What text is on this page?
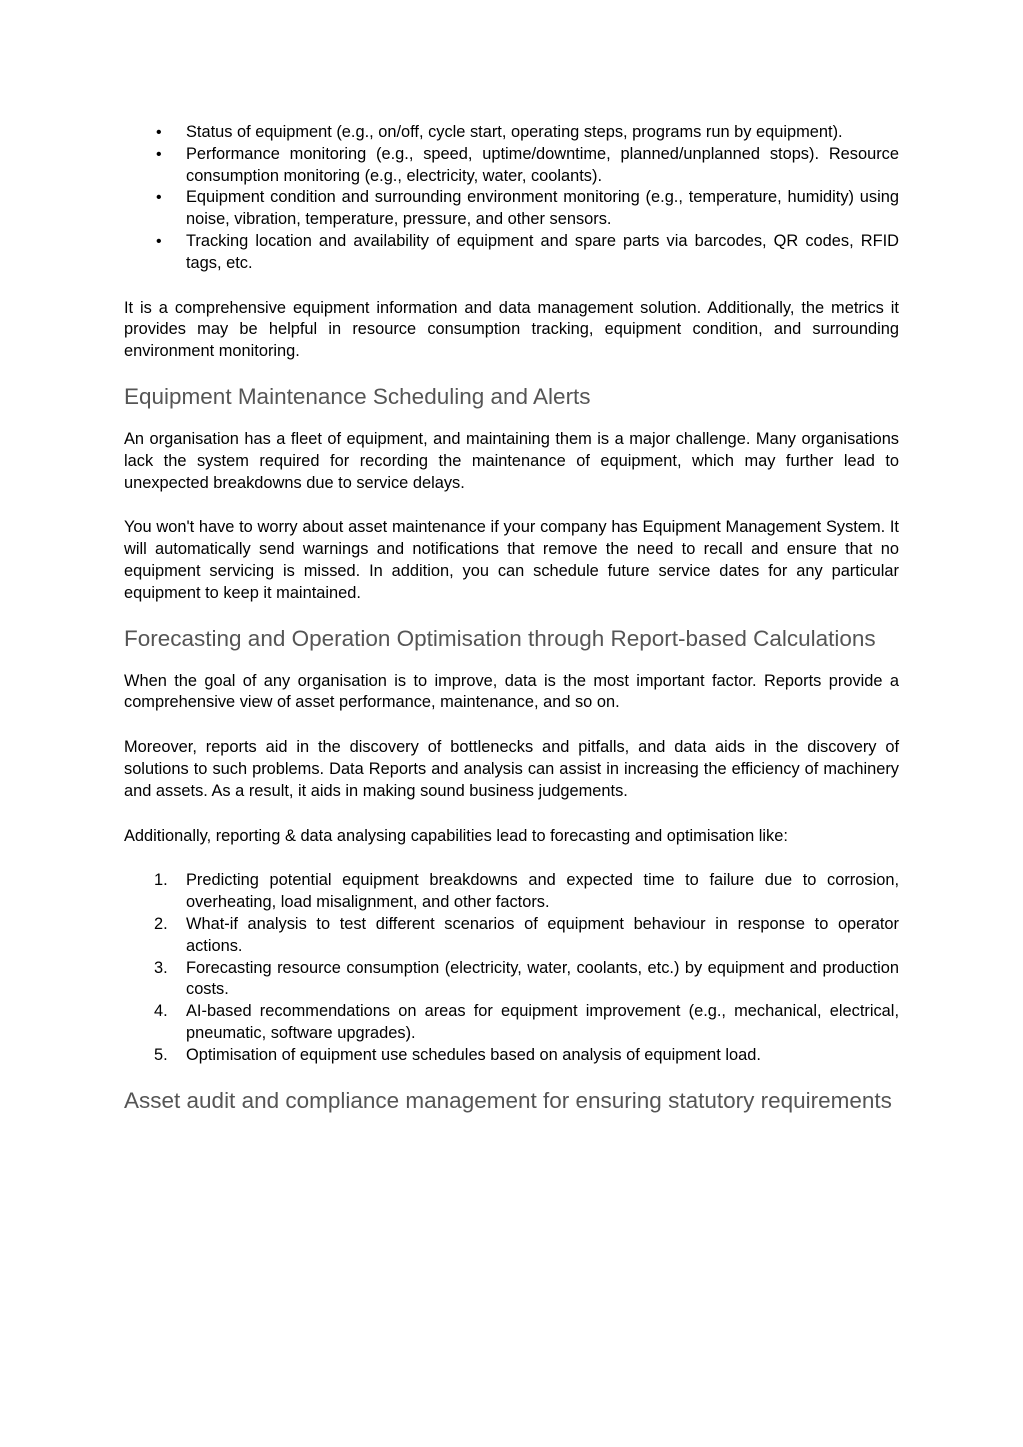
• Status of equipment (e.g., on/off, cycle start, operating steps, programs run by equipment).
• Performance monitoring (e.g., speed, uptime/downtime, planned/unplanned stops). Resource consumption monitoring (e.g., electricity, water, coolants).
• Equipment condition and surrounding environment monitoring (e.g., temperature, humidity) using noise, vibration, temperature, pressure, and other sensors.
• Tracking location and availability of equipment and spare parts via barcodes, QR codes, RFID tags, etc.

It is a comprehensive equipment information and data management solution. Additionally, the metrics it provides may be helpful in resource consumption tracking, equipment condition, and surrounding environment monitoring.

Equipment Maintenance Scheduling and Alerts

An organisation has a fleet of equipment, and maintaining them is a major challenge. Many organisations lack the system required for recording the maintenance of equipment, which may further lead to unexpected breakdowns due to service delays.

You won't have to worry about asset maintenance if your company has Equipment Management System. It will automatically send warnings and notifications that remove the need to recall and ensure that no equipment servicing is missed. In addition, you can schedule future service dates for any particular equipment to keep it maintained.

Forecasting and Operation Optimisation through Report-based Calculations

When the goal of any organisation is to improve, data is the most important factor. Reports provide a comprehensive view of asset performance, maintenance, and so on.

Moreover, reports aid in the discovery of bottlenecks and pitfalls, and data aids in the discovery of solutions to such problems. Data Reports and analysis can assist in increasing the efficiency of machinery and assets. As a result, it aids in making sound business judgements.

Additionally, reporting & data analysing capabilities lead to forecasting and optimisation like:

1. Predicting potential equipment breakdowns and expected time to failure due to corrosion, overheating, load misalignment, and other factors.
2. What-if analysis to test different scenarios of equipment behaviour in response to operator actions.
3. Forecasting resource consumption (electricity, water, coolants, etc.) by equipment and production costs.
4. AI-based recommendations on areas for equipment improvement (e.g., mechanical, electrical, pneumatic, software upgrades).
5. Optimisation of equipment use schedules based on analysis of equipment load.
Asset audit and compliance management for ensuring statutory requirements
